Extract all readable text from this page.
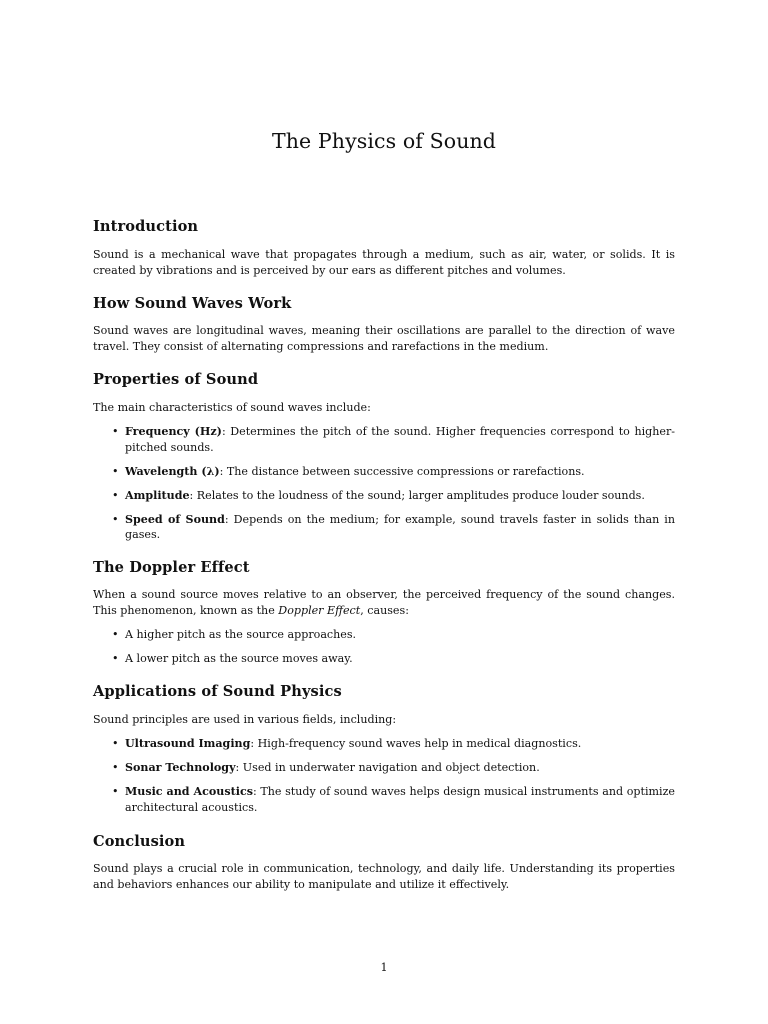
The Physics of Sound
Introduction

Sound is a mechanical wave that propagates through a medium, such as air, water, or solids. It is created by vibrations and is perceived by our ears as different pitches and volumes.

How Sound Waves Work

Sound waves are longitudinal waves, meaning their oscillations are parallel to the direction of wave travel. They consist of alternating compressions and rarefactions in the medium.

Properties of Sound

The main characteristics of sound waves include:

• Frequency (Hz): Determines the pitch of the sound. Higher frequencies correspond to higher-pitched sounds.
• Wavelength (λ): The distance between successive compressions or rarefactions.
• Amplitude: Relates to the loudness of the sound; larger amplitudes produce louder sounds.
• Speed of Sound: Depends on the medium; for example, sound travels faster in solids than in gases.
The Doppler Effect

When a sound source moves relative to an observer, the perceived frequency of the sound changes. This phenomenon, known as the Doppler Effect, causes:

• A higher pitch as the source approaches.
• A lower pitch as the source moves away.
Applications of Sound Physics

Sound principles are used in various fields, including:

• Ultrasound Imaging: High-frequency sound waves help in medical diagnostics.
• Sonar Technology: Used in underwater navigation and object detection.
• Music and Acoustics: The study of sound waves helps design musical instruments and optimize architectural acoustics.
Conclusion

Sound plays a crucial role in communication, technology, and daily life. Understanding its properties and behaviors enhances our ability to manipulate and utilize it effectively.

1
